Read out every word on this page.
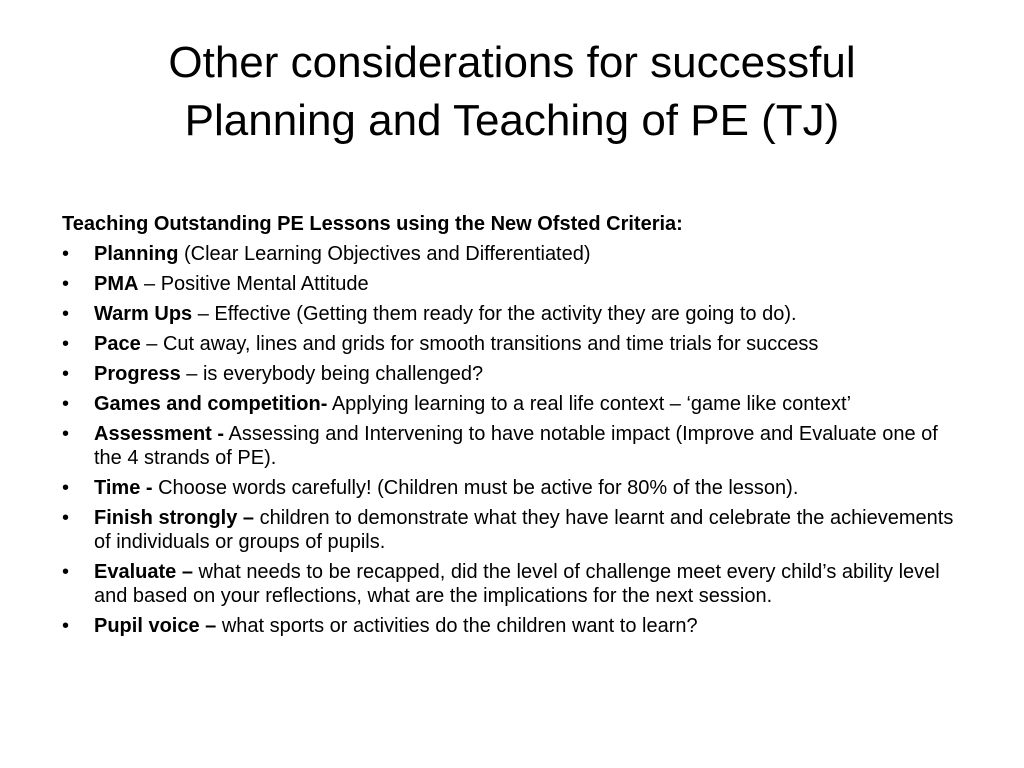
Other considerations for successful
Planning and Teaching of PE (TJ)
Teaching Outstanding PE Lessons using the New Ofsted Criteria:
•	Planning (Clear Learning Objectives and Differentiated)
•	PMA – Positive Mental Attitude
•	Warm Ups – Effective (Getting them ready for the activity they are going to do).
•	Pace – Cut away, lines and grids for smooth transitions and time trials for success
•	Progress – is everybody being challenged?
•	Games and competition- Applying learning to a real life context – ‘game like context’
•	Assessment - Assessing and Intervening to have notable impact (Improve and Evaluate one of the 4 strands of PE).
•	Time - Choose words carefully! (Children must be active for 80% of the lesson).
•	Finish strongly – children to demonstrate what they have learnt and celebrate the achievements of individuals or groups of pupils.
•	Evaluate – what needs to be recapped, did the level of challenge meet every child’s ability level and based on your reflections, what are the implications for the next session.
•	Pupil voice – what sports or activities do the children want to learn?
